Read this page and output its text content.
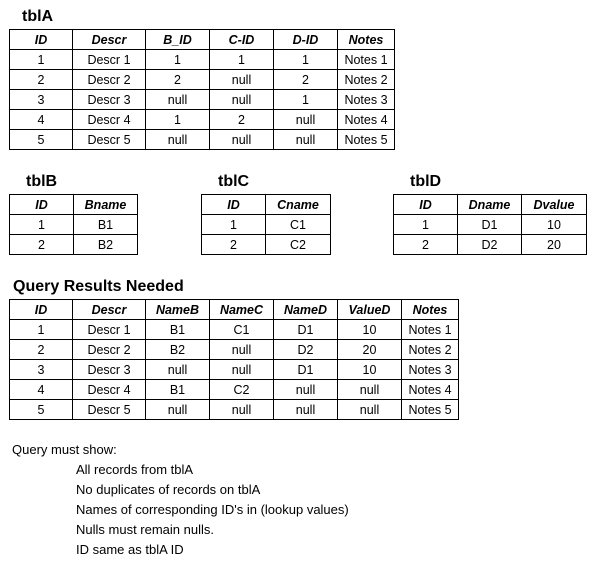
tblA
ID	Descr	B_ID	C-ID	D-ID	Notes
1	Descr 1	1	1	1	Notes 1
2	Descr 2	2	null	2	Notes 2
3	Descr 3	null	null	1	Notes 3
4	Descr 4	1	2	null	Notes 4
5	Descr 5	null	null	null	Notes 5
tblB
ID	Bname
1	B1
2	B2
tblC
ID	Cname
1	C1
2	C2
tblD
ID	Dname	Dvalue
1	D1	10
2	D2	20
Query Results Needed
ID	Descr	NameB	NameC	NameD	ValueD	Notes
1	Descr 1	B1	C1	D1	10	Notes 1
2	Descr 2	B2	null	D2	20	Notes 2
3	Descr 3	null	null	D1	10	Notes 3
4	Descr 4	B1	C2	null	null	Notes 4
5	Descr 5	null	null	null	null	Notes 5
Query must show:
All records from tblA
No duplicates of records on tblA
Names of corresponding ID's in (lookup values)
Nulls must remain nulls.
ID same as tblA ID
